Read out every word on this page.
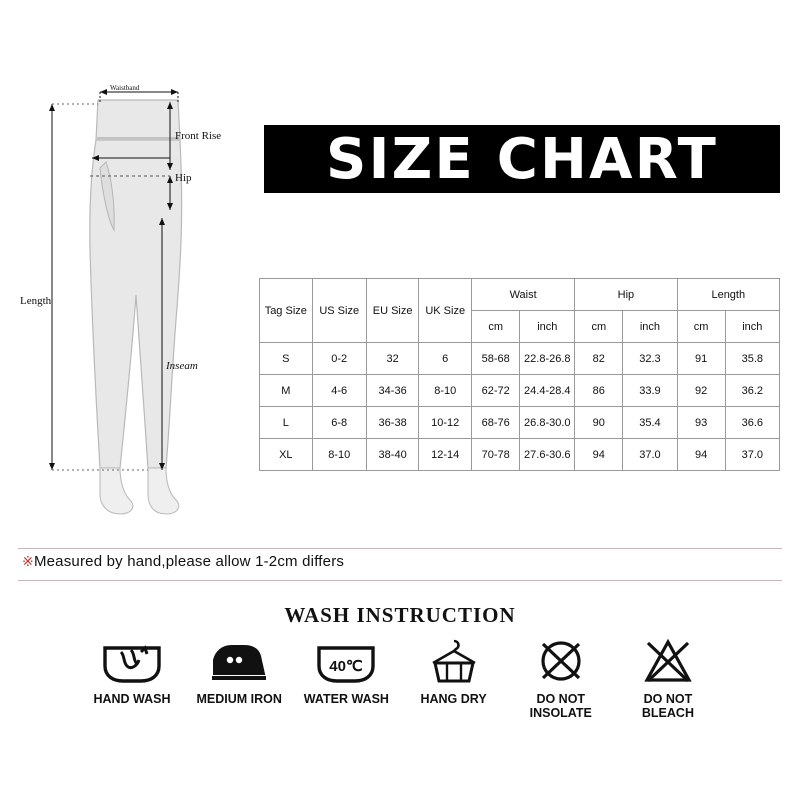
Waistband
Front Rise
Hip
Length
Inseam
SIZE CHART
Tag Size	US Size	EU Size	UK Size	Waist		Hip		Length	
				cm	inch	cm	inch	cm	inch
S	0-2	32	6	58-68	22.8-26.8	82	32.3	91	35.8
M	4-6	34-36	8-10	62-72	24.4-28.4	86	33.9	92	36.2
L	6-8	36-38	10-12	68-76	26.8-30.0	90	35.4	93	36.6
XL	8-10	38-40	12-14	70-78	27.6-30.6	94	37.0	94	37.0
※Measured by hand,please allow 1-2cm differs
WASH INSTRUCTION
HAND WASH MEDIUM IRON
40℃
WATER WASH	HANG DRY	DO NOT INSOLATE
DO NOT BLEACH
